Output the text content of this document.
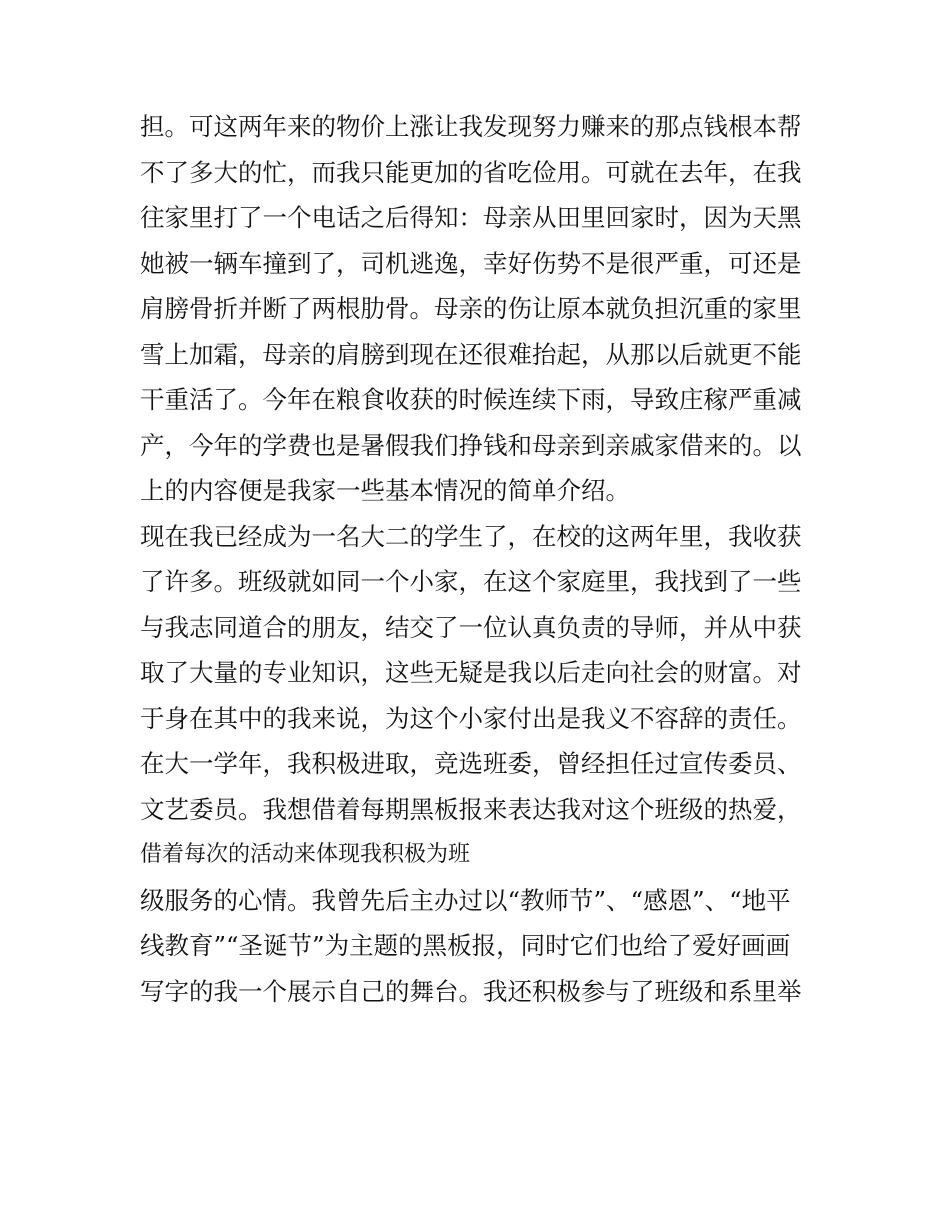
担。可这两年来的物价上涨让我发现努力赚来的那点钱根本帮
不了多大的忙，而我只能更加的省吃俭用。可就在去年，在我
往家里打了一个电话之后得知：母亲从田里回家时，因为天黑
她被一辆车撞到了，司机逃逸，幸好伤势不是很严重，可还是
肩膀骨折并断了两根肋骨。母亲的伤让原本就负担沉重的家里
雪上加霜，母亲的肩膀到现在还很难抬起，从那以后就更不能
干重活了。今年在粮食收获的时候连续下雨，导致庄稼严重减
产，今年的学费也是暑假我们挣钱和母亲到亲戚家借来的。以
上的内容便是我家一些基本情况的简单介绍。
现在我已经成为一名大二的学生了，在校的这两年里，我收获
了许多。班级就如同一个小家，在这个家庭里，我找到了一些
与我志同道合的朋友，结交了一位认真负责的导师，并从中获
取了大量的专业知识，这些无疑是我以后走向社会的财富。对
于身在其中的我来说，为这个小家付出是我义不容辞的责任。
在大一学年，我积极进取，竞选班委，曾经担任过宣传委员、
文艺委员。我想借着每期黑板报来表达我对这个班级的热爱，
借着每次的活动来体现我积极为班
级服务的心情。我曾先后主办过以“教师节”、“感恩”、“地平
线教育”“圣诞节”为主题的黑板报，同时它们也给了爱好画画
写字的我一个展示自己的舞台。我还积极参与了班级和系里举
